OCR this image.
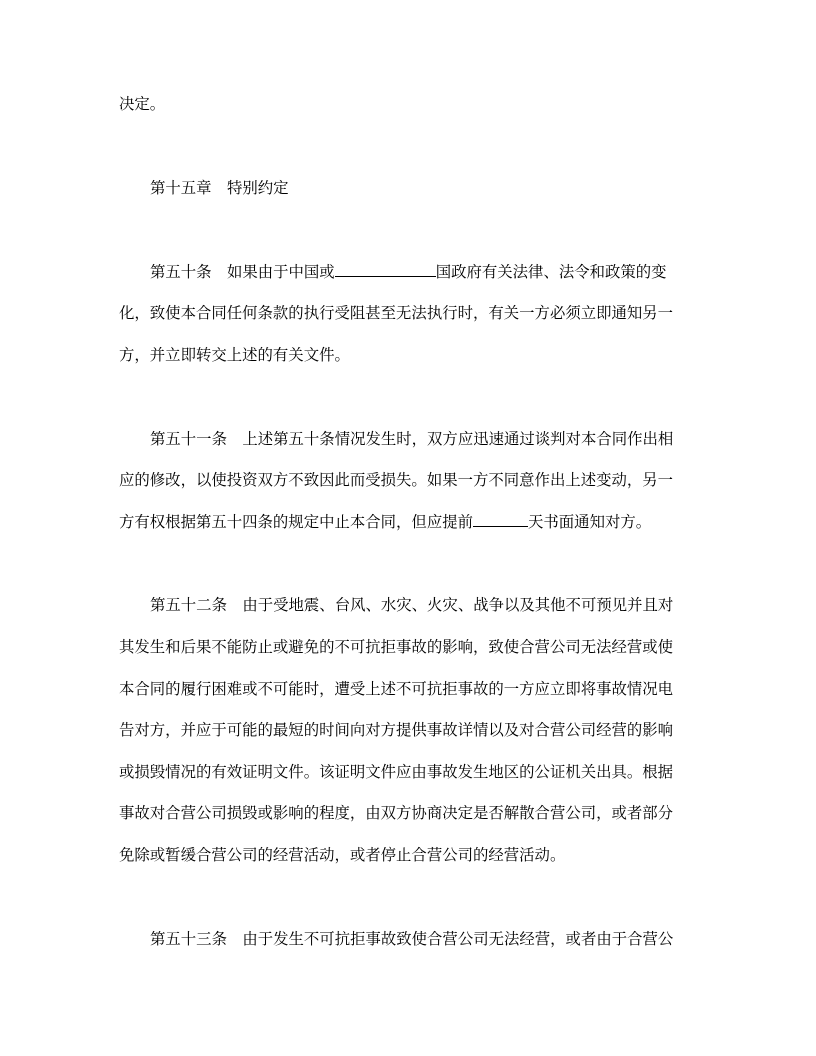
决定。
第十五章　特别约定
第五十条　如果由于中国或	国政府有关法律、法令和政策的变
化，致使本合同任何条款的执行受阻甚至无法执行时，有关一方必须立即通知另一
方，并立即转交上述的有关文件。
第五十一条　上述第五十条情况发生时，双方应迅速通过谈判对本合同作出相
应的修改，以使投资双方不致因此而受损失。如果一方不同意作出上述变动，另一
方有权根据第五十四条的规定中止本合同，但应提前	天书面通知对方。
第五十二条　由于受地震、台风、水灾、火灾、战争以及其他不可预见并且对
其发生和后果不能防止或避免的不可抗拒事故的影响，致使合营公司无法经营或使
本合同的履行困难或不可能时，遭受上述不可抗拒事故的一方应立即将事故情况电
告对方，并应于可能的最短的时间向对方提供事故详情以及对合营公司经营的影响
或损毁情况的有效证明文件。该证明文件应由事故发生地区的公证机关出具。根据
事故对合营公司损毁或影响的程度，由双方协商决定是否解散合营公司，或者部分
免除或暂缓合营公司的经营活动，或者停止合营公司的经营活动。
第五十三条　由于发生不可抗拒事故致使合营公司无法经营，或者由于合营公
